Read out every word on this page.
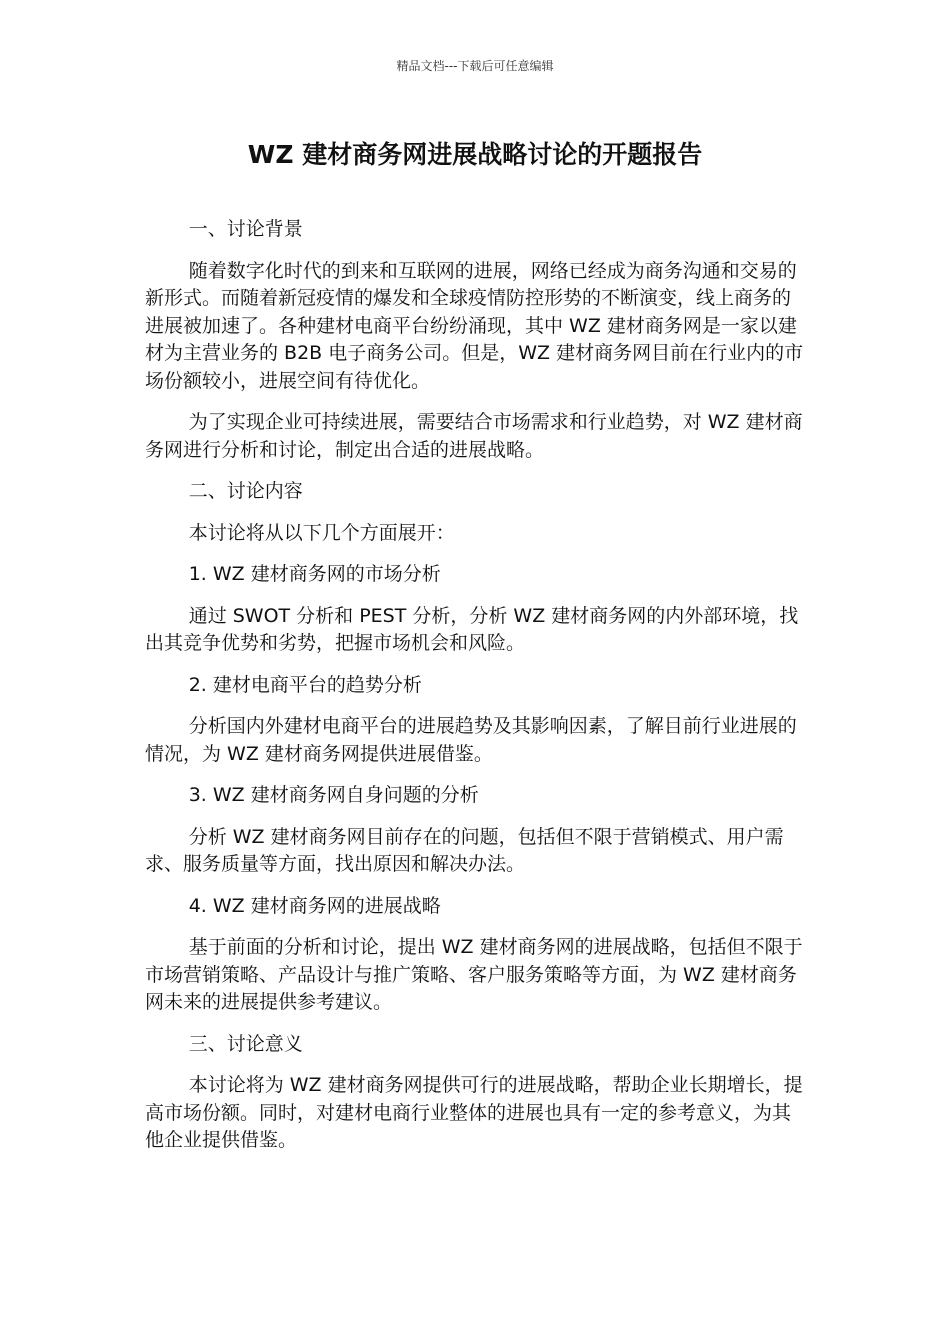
精品文档---下载后可任意编辑
WZ 建材商务网进展战略讨论的开题报告

一、讨论背景

随着数字化时代的到来和互联网的进展，网络已经成为商务沟通和交易的新形式。而随着新冠疫情的爆发和全球疫情防控形势的不断演变，线上商务的进展被加速了。各种建材电商平台纷纷涌现，其中 WZ 建材商务网是一家以建材为主营业务的 B2B 电子商务公司。但是，WZ 建材商务网目前在行业内的市场份额较小，进展空间有待优化。

为了实现企业可持续进展，需要结合市场需求和行业趋势，对 WZ 建材商务网进行分析和讨论，制定出合适的进展战略。

二、讨论内容

本讨论将从以下几个方面展开：

1. WZ 建材商务网的市场分析

通过 SWOT 分析和 PEST 分析，分析 WZ 建材商务网的内外部环境，找出其竞争优势和劣势，把握市场机会和风险。

2. 建材电商平台的趋势分析

分析国内外建材电商平台的进展趋势及其影响因素，了解目前行业进展的情况，为 WZ 建材商务网提供进展借鉴。

3. WZ 建材商务网自身问题的分析

分析 WZ 建材商务网目前存在的问题，包括但不限于营销模式、用户需求、服务质量等方面，找出原因和解决办法。

4. WZ 建材商务网的进展战略

基于前面的分析和讨论，提出 WZ 建材商务网的进展战略，包括但不限于市场营销策略、产品设计与推广策略、客户服务策略等方面，为 WZ 建材商务网未来的进展提供参考建议。

三、讨论意义

本讨论将为 WZ 建材商务网提供可行的进展战略，帮助企业长期增长，提高市场份额。同时，对建材电商行业整体的进展也具有一定的参考意义，为其他企业提供借鉴。
